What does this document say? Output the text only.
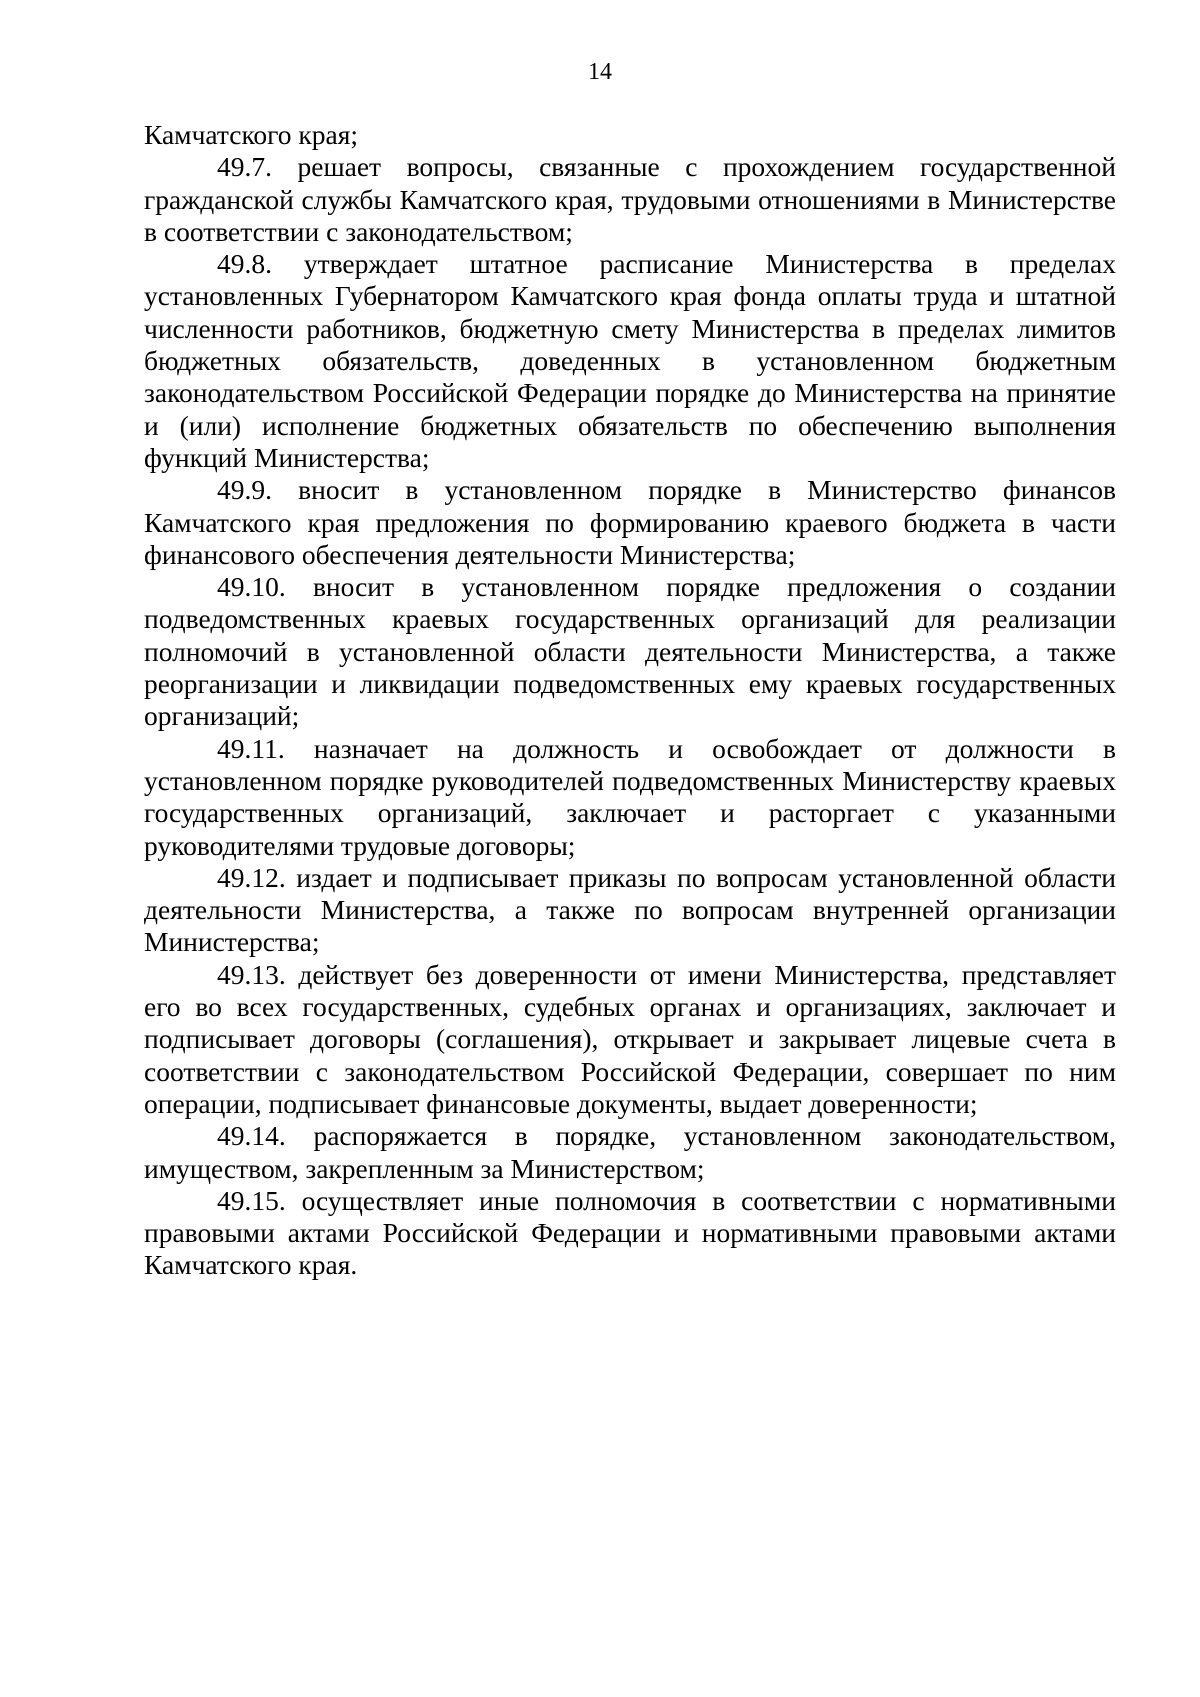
14

Камчатского края;

49.7. решает вопросы, связанные с прохождением государственной гражданской службы Камчатского края, трудовыми отношениями в Министерстве в соответствии с законодательством;

49.8. утверждает штатное расписание Министерства в пределах установленных Губернатором Камчатского края фонда оплаты труда и штатной численности работников, бюджетную смету Министерства в пределах лимитов бюджетных обязательств, доведенных в установленном бюджетным законодательством Российской Федерации порядке до Министерства на принятие и (или) исполнение бюджетных обязательств по обеспечению выполнения функций Министерства;

49.9. вносит в установленном порядке в Министерство финансов Камчатского края предложения по формированию краевого бюджета в части финансового обеспечения деятельности Министерства;

49.10. вносит в установленном порядке предложения о создании подведомственных краевых государственных организаций для реализации полномочий в установленной области деятельности Министерства, а также реорганизации и ликвидации подведомственных ему краевых государственных организаций;

49.11. назначает на должность и освобождает от должности в установленном порядке руководителей подведомственных Министерству краевых государственных организаций, заключает и расторгает с указанными руководителями трудовые договоры;

49.12. издает и подписывает приказы по вопросам установленной области деятельности Министерства, а также по вопросам внутренней организации Министерства;

49.13. действует без доверенности от имени Министерства, представляет его во всех государственных, судебных органах и организациях, заключает и подписывает договоры (соглашения), открывает и закрывает лицевые счета в соответствии с законодательством Российской Федерации, совершает по ним операции, подписывает финансовые документы, выдает доверенности;

49.14. распоряжается в порядке, установленном законодательством, имуществом, закрепленным за Министерством;

49.15. осуществляет иные полномочия в соответствии с нормативными правовыми актами Российской Федерации и нормативными правовыми актами Камчатского края.
